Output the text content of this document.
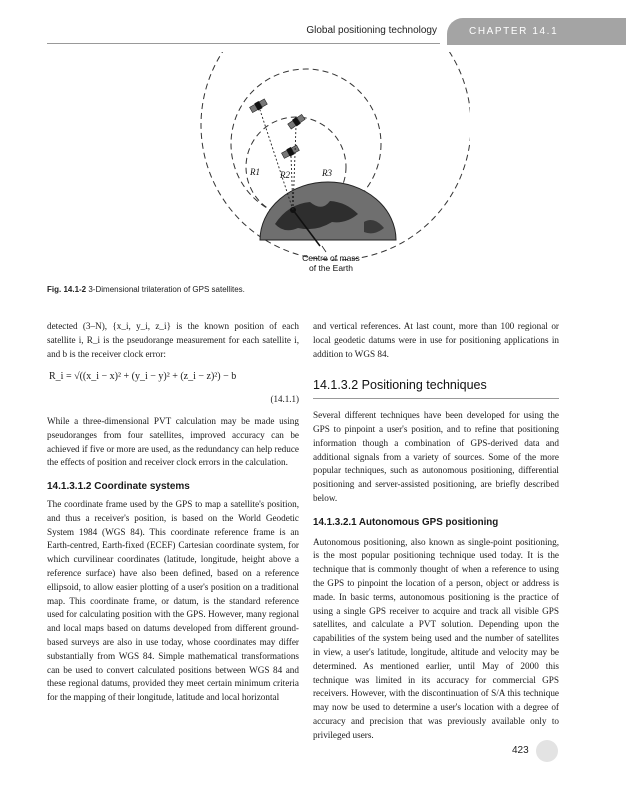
Global positioning technology	CHAPTER 14.1
R1 R2	R3
Centre of mass
of the Earth
Fig. 14.1-2 3-Dimensional trilateration of GPS satellites.

detected (3–N), {x_i, y_i, z_i} is the known position of each satellite i, R_i is the pseudorange measurement for each satellite i, and b is the receiver clock error:

R_i = √((x_i − x)² + (y_i − y)² + (z_i − z)²) − b
(14.1.1)

While a three-dimensional PVT calculation may be made using pseudoranges from four satellites, improved accuracy can be achieved if five or more are used, as the redundancy can help reduce the effects of position and receiver clock errors in the calculation.

14.1.3.1.2 Coordinate systems

The coordinate frame used by the GPS to map a satellite's position, and thus a receiver's position, is based on the World Geodetic System 1984 (WGS 84). This coordinate reference frame is an Earth-centred, Earth-fixed (ECEF) Cartesian coordinate system, for which curvilinear coordinates (latitude, longitude, height above a reference surface) have also been defined, based on a reference ellipsoid, to allow easier plotting of a user's position on a traditional map. This coordinate frame, or datum, is the standard reference used for calculating position with the GPS. However, many regional and local maps based on datums developed from different ground-based surveys are also in use today, whose coordinates may differ substantially from WGS 84. Simple mathematical transformations can be used to convert calculated positions between WGS 84 and these regional datums, provided they meet certain minimum criteria for the mapping of their longitude, latitude and local horizontal

and vertical references. At last count, more than 100 regional or local geodetic datums were in use for positioning applications in addition to WGS 84.

14.1.3.2 Positioning techniques

Several different techniques have been developed for using the GPS to pinpoint a user's position, and to refine that positioning information though a combination of GPS-derived data and additional signals from a variety of sources. Some of the more popular techniques, such as autonomous positioning, differential positioning and server-assisted positioning, are briefly described below.

14.1.3.2.1 Autonomous GPS positioning

Autonomous positioning, also known as single-point positioning, is the most popular positioning technique used today. It is the technique that is commonly thought of when a reference to using the GPS to pinpoint the location of a person, object or address is made. In basic terms, autonomous positioning is the practice of using a single GPS receiver to acquire and track all visible GPS satellites, and calculate a PVT solution. Depending upon the capabilities of the system being used and the number of satellites in view, a user's latitude, longitude, altitude and velocity may be determined. As mentioned earlier, until May of 2000 this technique was limited in its accuracy for commercial GPS receivers. However, with the discontinuation of S/A this technique may now be used to determine a user's location with a degree of accuracy and precision that was previously available only to privileged users.

423
